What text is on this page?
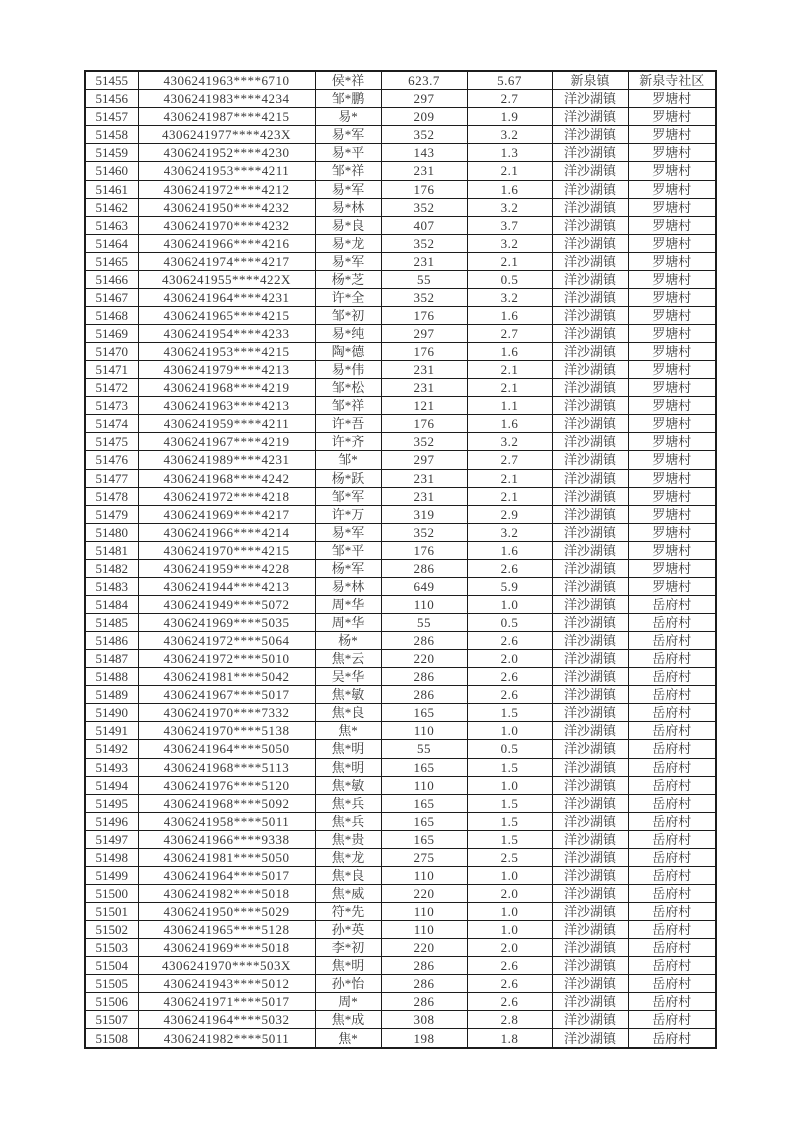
51455	4306241963****6710	侯*祥	623.7	5.67	新泉镇	新泉寺社区
51456	4306241983****4234	邹*鹏	297	2.7	洋沙湖镇	罗塘村
51457	4306241987****4215	易*	209	1.9	洋沙湖镇	罗塘村
51458	4306241977****423X	易*军	352	3.2	洋沙湖镇	罗塘村
51459	4306241952****4230	易*平	143	1.3	洋沙湖镇	罗塘村
51460	4306241953****4211	邹*祥	231	2.1	洋沙湖镇	罗塘村
51461	4306241972****4212	易*军	176	1.6	洋沙湖镇	罗塘村
51462	4306241950****4232	易*林	352	3.2	洋沙湖镇	罗塘村
51463	4306241970****4232	易*良	407	3.7	洋沙湖镇	罗塘村
51464	4306241966****4216	易*龙	352	3.2	洋沙湖镇	罗塘村
51465	4306241974****4217	易*军	231	2.1	洋沙湖镇	罗塘村
51466	4306241955****422X	杨*芝	55	0.5	洋沙湖镇	罗塘村
51467	4306241964****4231	许*全	352	3.2	洋沙湖镇	罗塘村
51468	4306241965****4215	邹*初	176	1.6	洋沙湖镇	罗塘村
51469	4306241954****4233	易*纯	297	2.7	洋沙湖镇	罗塘村
51470	4306241953****4215	陶*德	176	1.6	洋沙湖镇	罗塘村
51471	4306241979****4213	易*伟	231	2.1	洋沙湖镇	罗塘村
51472	4306241968****4219	邹*松	231	2.1	洋沙湖镇	罗塘村
51473	4306241963****4213	邹*祥	121	1.1	洋沙湖镇	罗塘村
51474	4306241959****4211	许*吾	176	1.6	洋沙湖镇	罗塘村
51475	4306241967****4219	许*齐	352	3.2	洋沙湖镇	罗塘村
51476	4306241989****4231	邹*	297	2.7	洋沙湖镇	罗塘村
51477	4306241968****4242	杨*跃	231	2.1	洋沙湖镇	罗塘村
51478	4306241972****4218	邹*军	231	2.1	洋沙湖镇	罗塘村
51479	4306241969****4217	许*万	319	2.9	洋沙湖镇	罗塘村
51480	4306241966****4214	易*军	352	3.2	洋沙湖镇	罗塘村
51481	4306241970****4215	邹*平	176	1.6	洋沙湖镇	罗塘村
51482	4306241959****4228	杨*军	286	2.6	洋沙湖镇	罗塘村
51483	4306241944****4213	易*林	649	5.9	洋沙湖镇	罗塘村
51484	4306241949****5072	周*华	110	1.0	洋沙湖镇	岳府村
51485	4306241969****5035	周*华	55	0.5	洋沙湖镇	岳府村
51486	4306241972****5064	杨*	286	2.6	洋沙湖镇	岳府村
51487	4306241972****5010	焦*云	220	2.0	洋沙湖镇	岳府村
51488	4306241981****5042	吴*华	286	2.6	洋沙湖镇	岳府村
51489	4306241967****5017	焦*敏	286	2.6	洋沙湖镇	岳府村
51490	4306241970****7332	焦*良	165	1.5	洋沙湖镇	岳府村
51491	4306241970****5138	焦*	110	1.0	洋沙湖镇	岳府村
51492	4306241964****5050	焦*明	55	0.5	洋沙湖镇	岳府村
51493	4306241968****5113	焦*明	165	1.5	洋沙湖镇	岳府村
51494	4306241976****5120	焦*敏	110	1.0	洋沙湖镇	岳府村
51495	4306241968****5092	焦*兵	165	1.5	洋沙湖镇	岳府村
51496	4306241958****5011	焦*兵	165	1.5	洋沙湖镇	岳府村
51497	4306241966****9338	焦*贵	165	1.5	洋沙湖镇	岳府村
51498	4306241981****5050	焦*龙	275	2.5	洋沙湖镇	岳府村
51499	4306241964****5017	焦*良	110	1.0	洋沙湖镇	岳府村
51500	4306241982****5018	焦*威	220	2.0	洋沙湖镇	岳府村
51501	4306241950****5029	符*先	110	1.0	洋沙湖镇	岳府村
51502	4306241965****5128	孙*英	110	1.0	洋沙湖镇	岳府村
51503	4306241969****5018	李*初	220	2.0	洋沙湖镇	岳府村
51504	4306241970****503X	焦*明	286	2.6	洋沙湖镇	岳府村
51505	4306241943****5012	孙*怡	286	2.6	洋沙湖镇	岳府村
51506	4306241971****5017	周*	286	2.6	洋沙湖镇	岳府村
51507	4306241964****5032	焦*成	308	2.8	洋沙湖镇	岳府村
51508	4306241982****5011	焦*	198	1.8	洋沙湖镇	岳府村
